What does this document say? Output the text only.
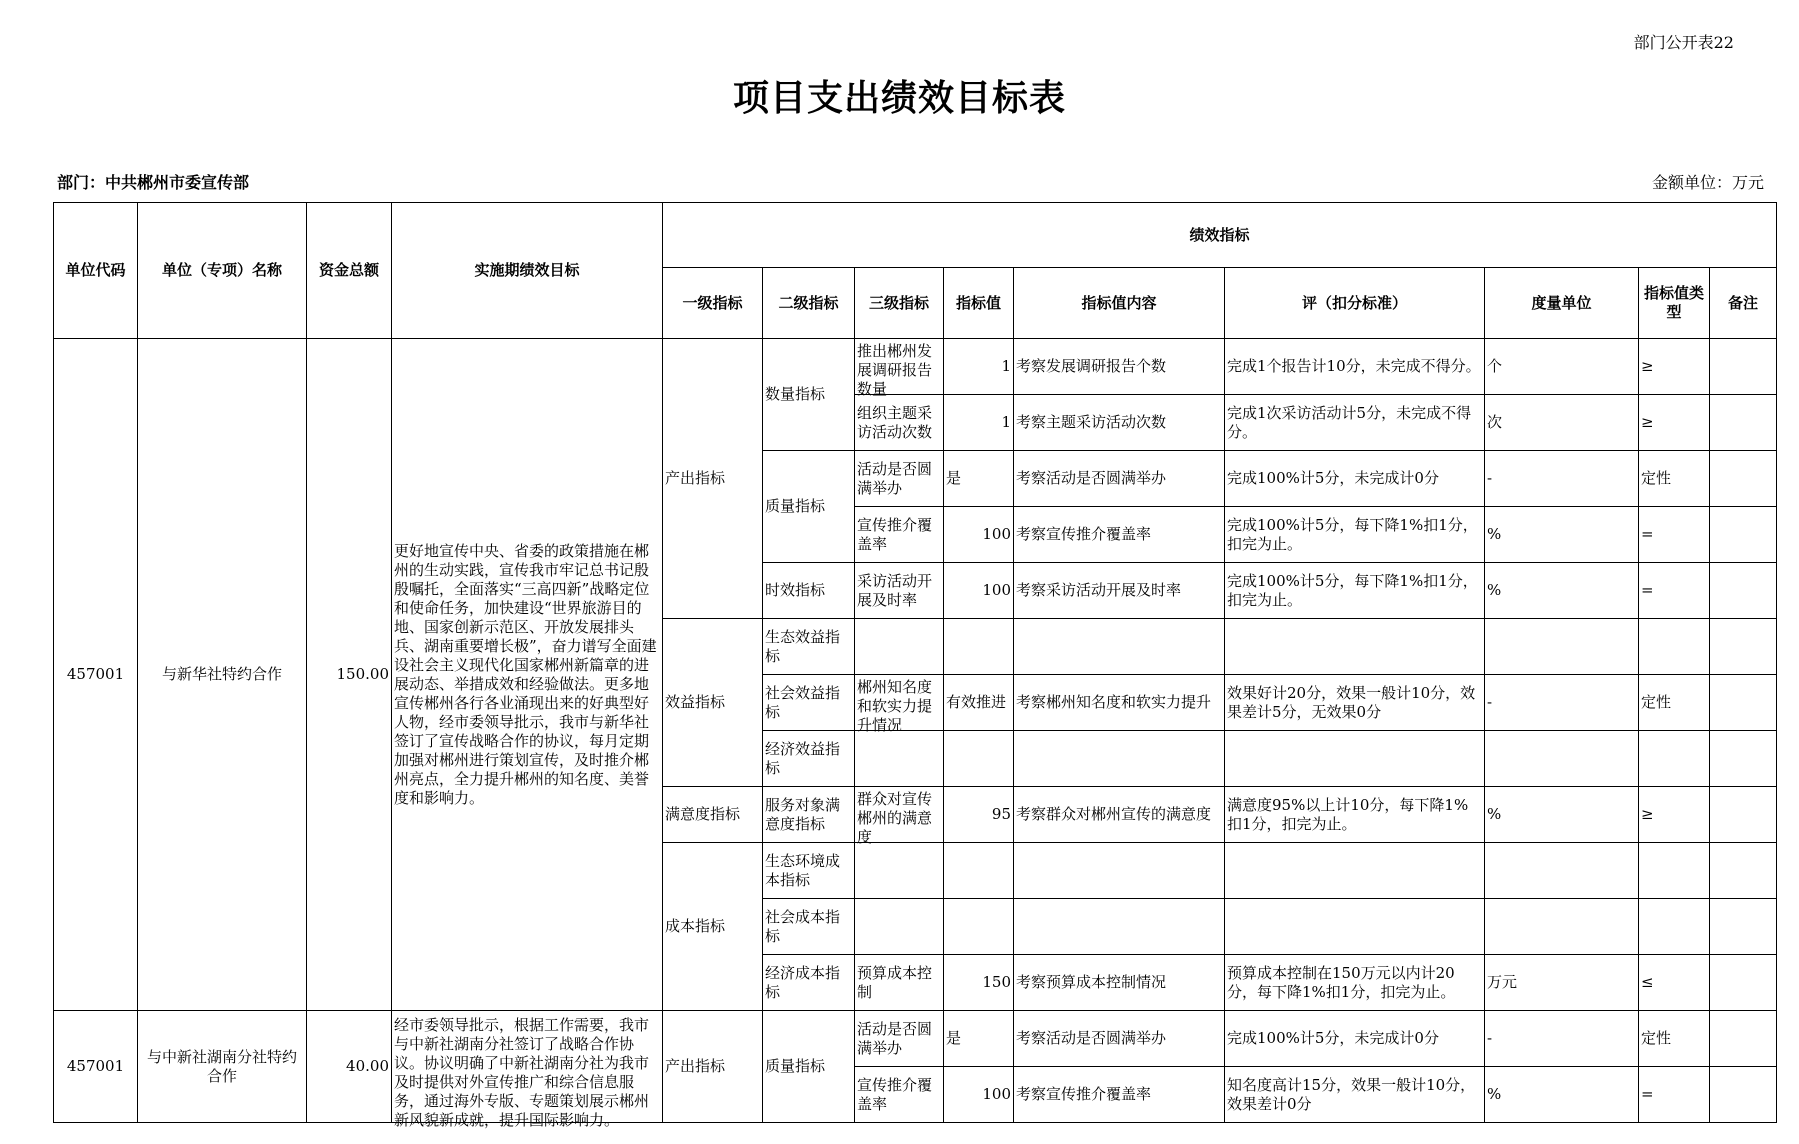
部门公开表22
项目支出绩效目标表
部门：中共郴州市委宣传部	金额单位：万元
单位代码	单位（专项）名称	资金总额	实施期绩效目标	绩效指标								
				一级指标	二级指标	三级指标	指标值	指标值内容	评（扣分标准）	度量单位	指标值类型	备注
457001	与新华社特约合作	150.00	更好地宣传中央、省委的政策措施在郴州的生动实践，宣传我市牢记总书记殷殷嘱托，全面落实“三高四新”战略定位和使命任务，加快建设“世界旅游目的地、国家创新示范区、开放发展排头兵、湖南重要增长极”，奋力谱写全面建设社会主义现代化国家郴州新篇章的进展动态、举措成效和经验做法。更多地宣传郴州各行各业涌现出来的好典型好人物，经市委领导批示，我市与新华社签订了宣传战略合作的协议，每月定期加强对郴州进行策划宣传，及时推介郴州亮点，全力提升郴州的知名度、美誉度和影响力。	产出指标	数量指标	推出郴州发展调研报告数量	1	考察发展调研报告个数	完成1个报告计10分，未完成不得分。	个	≥	

						组织主题采访活动次数	1	考察主题采访活动次数	完成1次采访活动计5分，未完成不得分。	次	≥	
					质量指标	活动是否圆满举办	是	考察活动是否圆满举办	完成100%计5分，未完成计0分	-	定性	

						宣传推介覆盖率	100	考察宣传推介覆盖率	完成100%计5分，每下降1%扣1分，扣完为止。	%	=	
					时效指标	采访活动开展及时率	100	考察采访活动开展及时率	完成100%计5分，每下降1%扣1分，扣完为止。	%	=	
				效益指标	生态效益指标	

					社会效益指标	郴州知名度和软实力提升情况	有效推进	考察郴州知名度和软实力提升	效果好计20分，效果一般计10分，效果差计5分，无效果0分	-	定性	
					经济效益指标	

				满意度指标	服务对象满意度指标	群众对宣传郴州的满意度	95	考察群众对郴州宣传的满意度	满意度95%以上计10分，每下降1%扣1分，扣完为止。	%	≥	
				成本指标	生态环境成本指标	

					社会成本指标	

					经济成本指标	预算成本控制	150	考察预算成本控制情况	预算成本控制在150万元以内计20分，每下降1%扣1分，扣完为止。	万元	≤	
457001	与中新社湖南分社特约合作	40.00	经市委领导批示，根据工作需要，我市与中新社湖南分社签订了战略合作协议。协议明确了中新社湖南分社为我市及时提供对外宣传推广和综合信息服务，通过海外专版、专题策划展示郴州新风貌新成就，提升国际影响力。	产出指标	质量指标	活动是否圆满举办	是	考察活动是否圆满举办	完成100%计5分，未完成计0分	-	定性	

						宣传推介覆盖率	100	考察宣传推介覆盖率	知名度高计15分，效果一般计10分，效果差计0分	%	=	
